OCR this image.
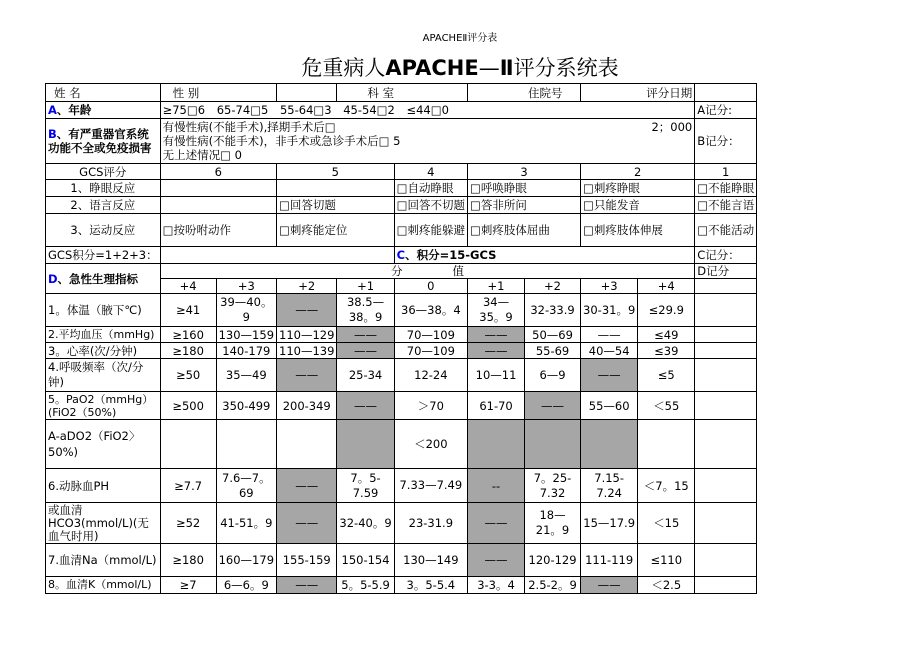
APACHEⅡ评分表
危重病人APACHE—Ⅱ评分系统表
姓 名	性 别			科 室		住院号		评分日期		
A、年龄	≥75□6 65-74□5 55-64□3 45-54□2 ≤44□0									A记分:
B、有严重器官系统功能不全或免疫损害	有慢性病(不能手术),择期手术后□ 2；000
有慢性病(不能手术)，非手术或急诊手术后□ 5
无上述情况□ 0									B记分：
GCS评分	6		5		4	3		2		1
1、睁眼反应					□自动睁眼	□呼唤睁眼		□刺疼睁眼		□不能睁眼
2、语言反应			□回答切题		□回答不切题	□答非所问		□只能发音		□不能言语
3、运动反应	□按吩咐动作		□刺疼能定位		□刺疼能躲避	□刺疼肢体屈曲		□刺疼肢体伸展		□不能活动
GCS积分=1+2+3：					C、积分=15-GCS					C记分：
D、急性生理指标	分 值									D记分
	+4	+3	+2	+1	0	+1	+2	+3	+4	
1。体温（腋下℃)	≥41	39—40。9	——	38.5—38。9	36—38。4	34—35。9	32-33.9	30-31。9	≤29.9	
2.平均血压（mmHg)	≥160	130—159	110—129	——	70—109	——	50—69	——	≤49	
3。心率(次/分钟)	≥180	140-179	110—139	——	70—109	——	55-69	40—54	≤39	
4.呼吸频率（次/分钟)	≥50	35—49	——	25-34	12-24	10—11	6—9	——	≤5	
5。PaO2（mmHg）(FiO2（50%)	≥500	350-499	200-349	——	＞70	61-70	——	55—60	＜55	
A-aDO2（FiO2〉50%)					＜200					
6.动脉血PH	≥7.7	7.6—7。69	——	7。5-7.59	7.33—7.49	--	7。25-7.32	7.15-7.24	＜7。15	
或血清HCO3(mmol/L)(无血气时用)	≥52	41-51。9	——	32-40。9	23-31.9	——	18—21。9	15—17.9	＜15	
7.血清Na（mmol/L)	≥180	160—179	155-159	150-154	130—149	——	120-129	111-119	≤110	
8。血清K（mmol/L)	≥7	6—6。9	——	5。5-5.9	3。5-5.4	3-3。4	2.5-2。9	——	＜2.5	
